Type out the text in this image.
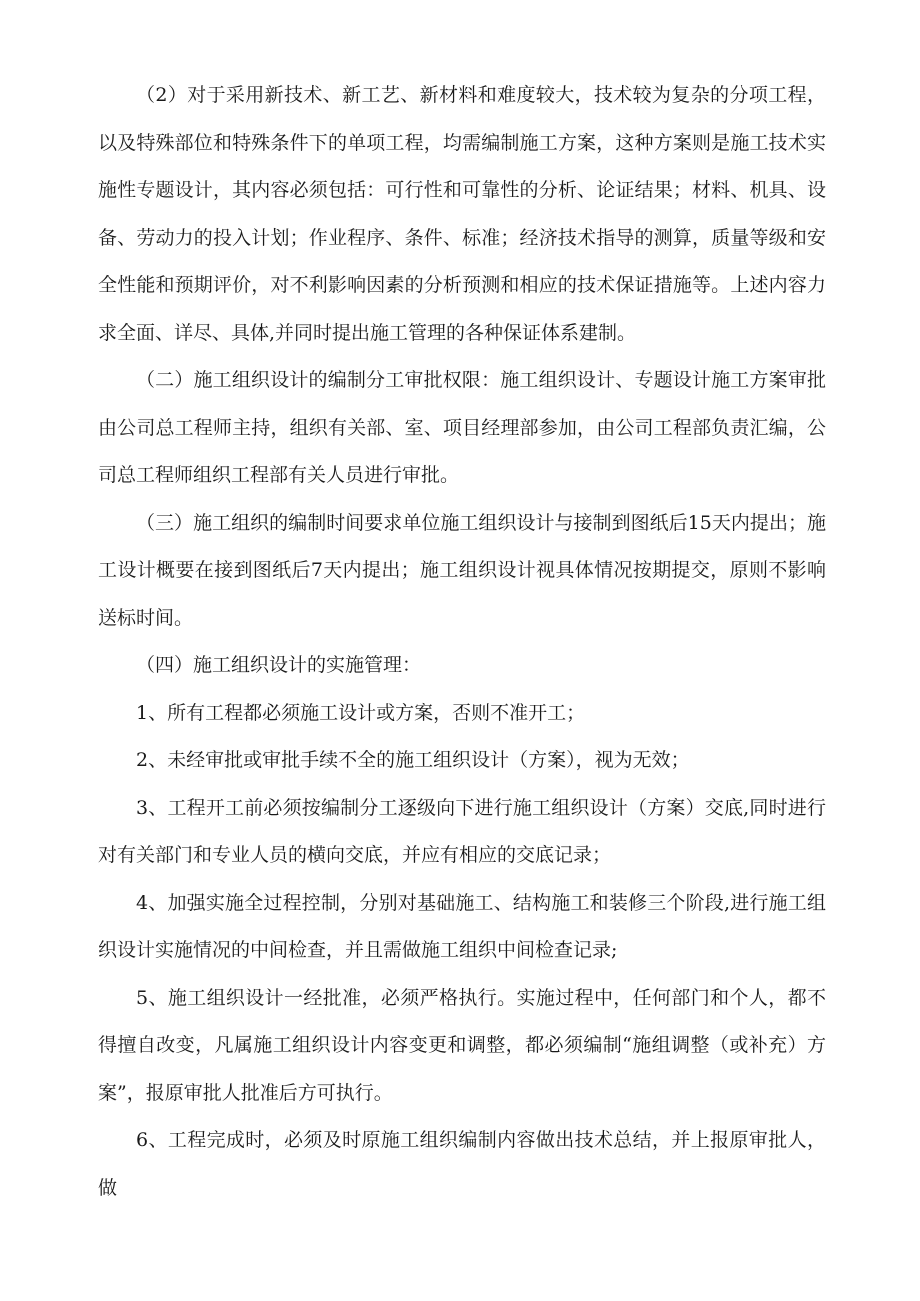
（2）对于采用新技术、新工艺、新材料和难度较大，技术较为复杂的分项工程，以及特殊部位和特殊条件下的单项工程，均需编制施工方案，这种方案则是施工技术实施性专题设计，其内容必须包括：可行性和可靠性的分析、论证结果；材料、机具、设备、劳动力的投入计划；作业程序、条件、标准；经济技术指导的测算，质量等级和安全性能和预期评价，对不利影响因素的分析预测和相应的技术保证措施等。上述内容力求全面、详尽、具体,并同时提出施工管理的各种保证体系建制。

（二）施工组织设计的编制分工审批权限：施工组织设计、专题设计施工方案审批由公司总工程师主持，组织有关部、室、项目经理部参加，由公司工程部负责汇编，公司总工程师组织工程部有关人员进行审批。

（三）施工组织的编制时间要求单位施工组织设计与接制到图纸后15天内提出；施工设计概要在接到图纸后7天内提出；施工组织设计视具体情况按期提交，原则不影响送标时间。

（四）施工组织设计的实施管理：

1、所有工程都必须施工设计或方案，否则不准开工；

2、未经审批或审批手续不全的施工组织设计（方案），视为无效；

3、工程开工前必须按编制分工逐级向下进行施工组织设计（方案）交底,同时进行对有关部门和专业人员的横向交底，并应有相应的交底记录；

4、加强实施全过程控制，分别对基础施工、结构施工和装修三个阶段,进行施工组织设计实施情况的中间检查，并且需做施工组织中间检查记录;

5、施工组织设计一经批准，必须严格执行。实施过程中，任何部门和个人，都不得擅自改变，凡属施工组织设计内容变更和调整，都必须编制“施组调整（或补充）方案”，报原审批人批准后方可执行。

6、工程完成时，必须及时原施工组织编制内容做出技术总结，并上报原审批人，做
